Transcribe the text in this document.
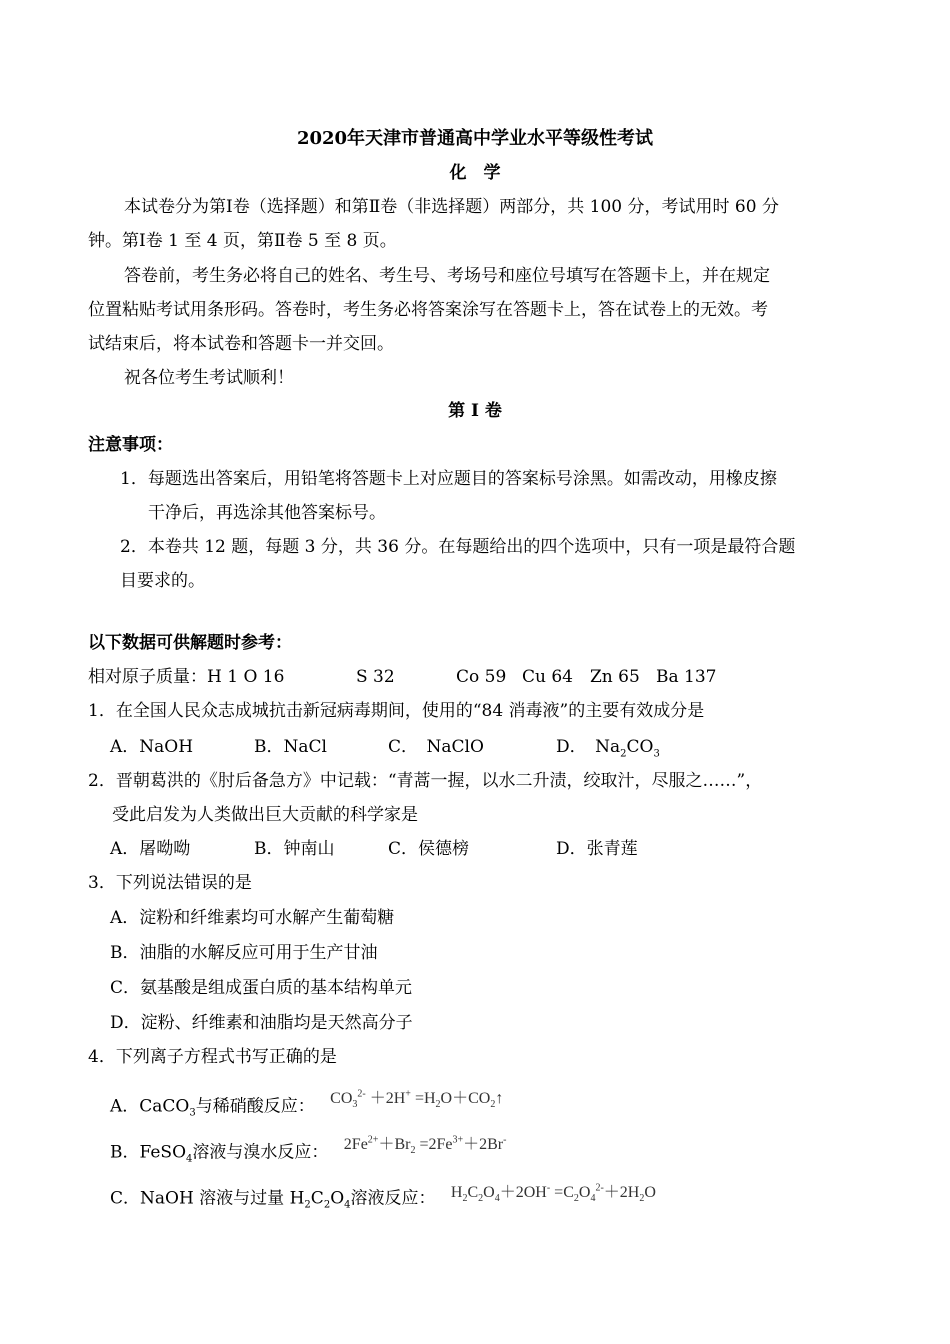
2020年天津市普通高中学业水平等级性考试
化　学
本试卷分为第Ⅰ卷（选择题）和第Ⅱ卷（非选择题）两部分，共 100 分，考试用时 60 分
钟。第Ⅰ卷 1 至 4 页，第Ⅱ卷 5 至 8 页。
答卷前，考生务必将自己的姓名、考生号、考场号和座位号填写在答题卡上，并在规定
位置粘贴考试用条形码。答卷时，考生务必将答案涂写在答题卡上，答在试卷上的无效。考
试结束后，将本试卷和答题卡一并交回。
祝各位考生考试顺利！
第 I 卷
注意事项：
1．每题选出答案后，用铅笔将答题卡上对应题目的答案标号涂黑。如需改动，用橡皮擦
干净后，再选涂其他答案标号。
2．本卷共 12 题，每题 3 分，共 36 分。在每题给出的四个选项中，只有一项是最符合题
目要求的。
以下数据可供解题时参考：
相对原子质量：H 1 O 16	S 32	Co 59 Cu 64 Zn 65 Ba 137
1．在全国人民众志成城抗击新冠病毒期间，使用的“84 消毒液”的主要有效成分是
A．NaOH	B．NaCl	C．　NaClO	D．　$Na_2CO_3$
2．晋朝葛洪的《肘后备急方》中记载：“青蒿一握，以水二升渍，绞取汁，尽服之……”，
受此启发为人类做出巨大贡献的科学家是
A．屠呦呦	B．钟南山	C．侯德榜	D．张青莲
3．下列说法错误的是
A．淀粉和纤维素均可水解产生葡萄糖
B．油脂的水解反应可用于生产甘油
C．氨基酸是组成蛋白质的基本结构单元
D．淀粉、纤维素和油脂均是天然高分子
4．下列离子方程式书写正确的是
A．CaCO$_3$与稀硝酸反应： $CO_3^{2-} +2H^+$ $=H_2O+CO_2↑$
B．FeSO$_4$溶液与溴水反应： $2Fe^{2+}+Br_2 =2Fe^{3+}+2Br^-$
C．NaOH 溶液与过量 $H_2C_2O_4$溶液反应： $H_2C_2O_4+2OH^- =C_2O_4^{2-}+2H_2O$
